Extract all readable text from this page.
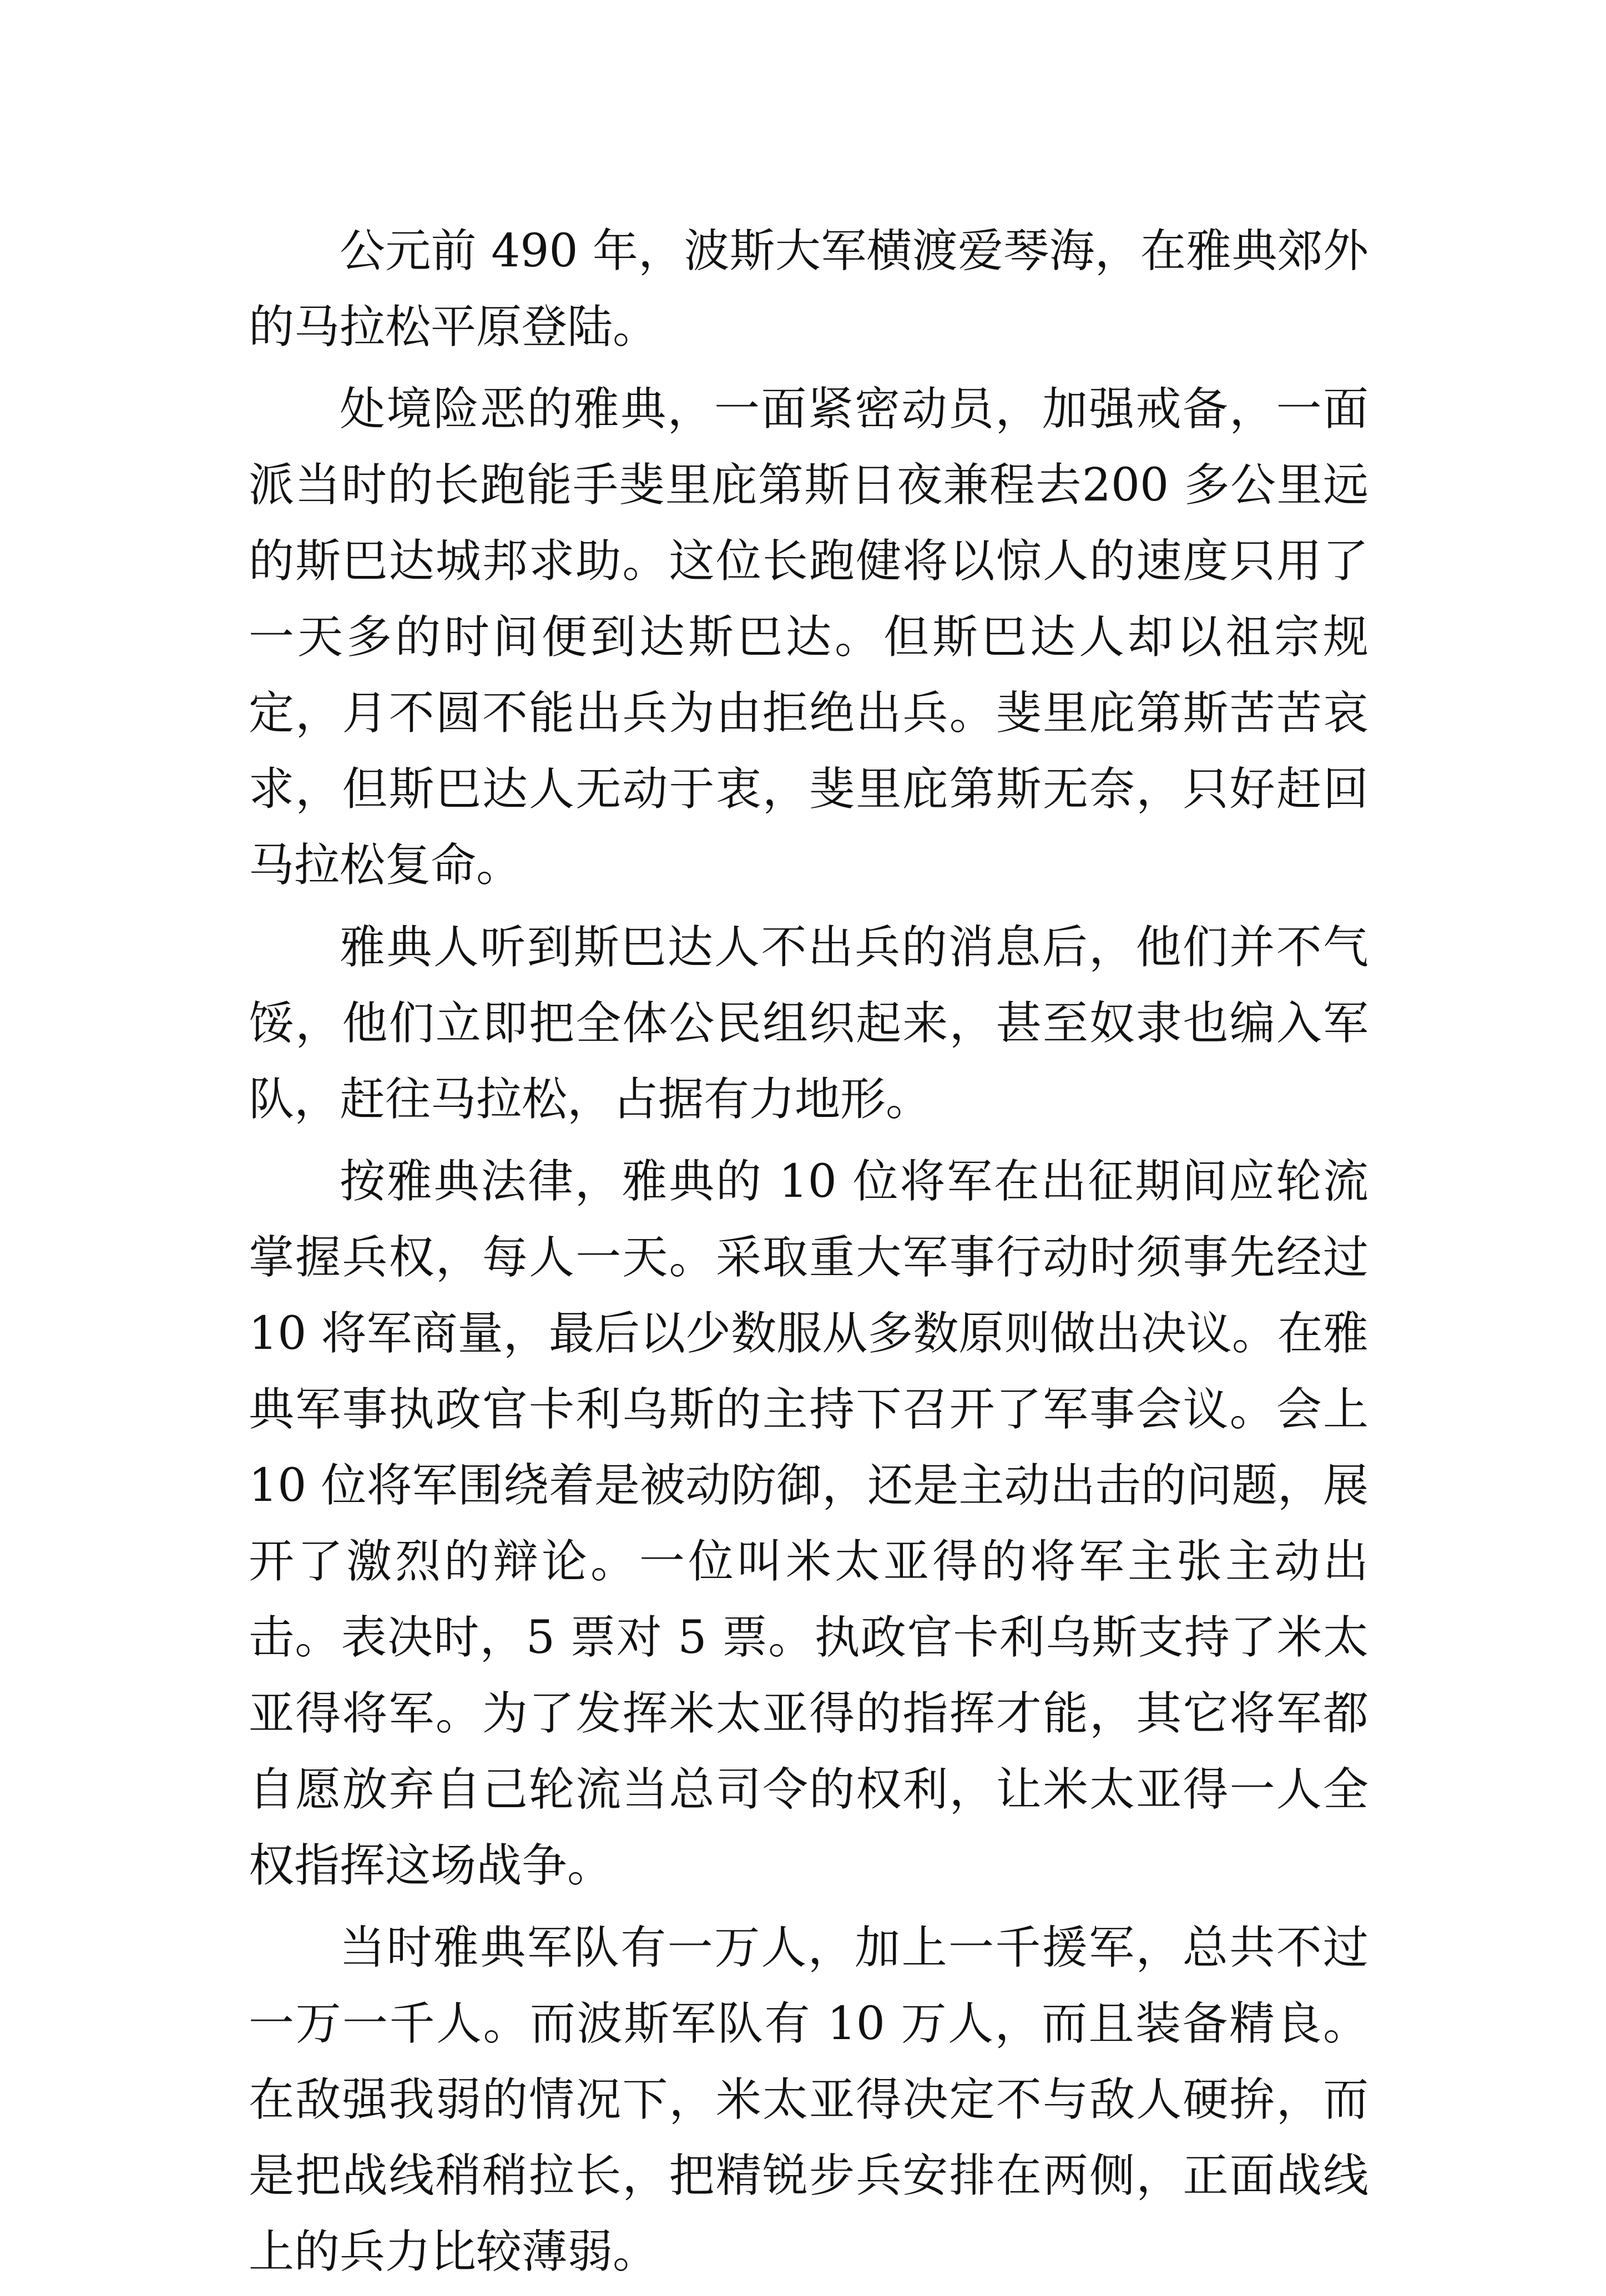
公元前 490 年，波斯大军横渡爱琴海，在雅典郊外的马拉松平原登陆。

处境险恶的雅典，一面紧密动员，加强戒备，一面派当时的长跑能手斐里庇第斯日夜兼程去200 多公里远的斯巴达城邦求助。这位长跑健将以惊人的速度只用了一天多的时间便到达斯巴达。但斯巴达人却以祖宗规定，月不圆不能出兵为由拒绝出兵。斐里庇第斯苦苦哀求，但斯巴达人无动于衷，斐里庇第斯无奈，只好赶回马拉松复命。

雅典人听到斯巴达人不出兵的消息后，他们并不气馁，他们立即把全体公民组织起来，甚至奴隶也编入军队，赶往马拉松，占据有力地形。

按雅典法律，雅典的 10 位将军在出征期间应轮流掌握兵权，每人一天。采取重大军事行动时须事先经过 10 将军商量，最后以少数服从多数原则做出决议。在雅典军事执政官卡利乌斯的主持下召开了军事会议。会上 10 位将军围绕着是被动防御，还是主动出击的问题，展开了激烈的辩论。一位叫米太亚得的将军主张主动出击。表决时，5 票对 5 票。执政官卡利乌斯支持了米太亚得将军。为了发挥米太亚得的指挥才能，其它将军都自愿放弃自己轮流当总司令的权利，让米太亚得一人全权指挥这场战争。

当时雅典军队有一万人，加上一千援军，总共不过一万一千人。而波斯军队有 10 万人，而且装备精良。在敌强我弱的情况下，米太亚得决定不与敌人硬拚，而是把战线稍稍拉长，把精锐步兵安排在两侧，正面战线上的兵力比较薄弱。
